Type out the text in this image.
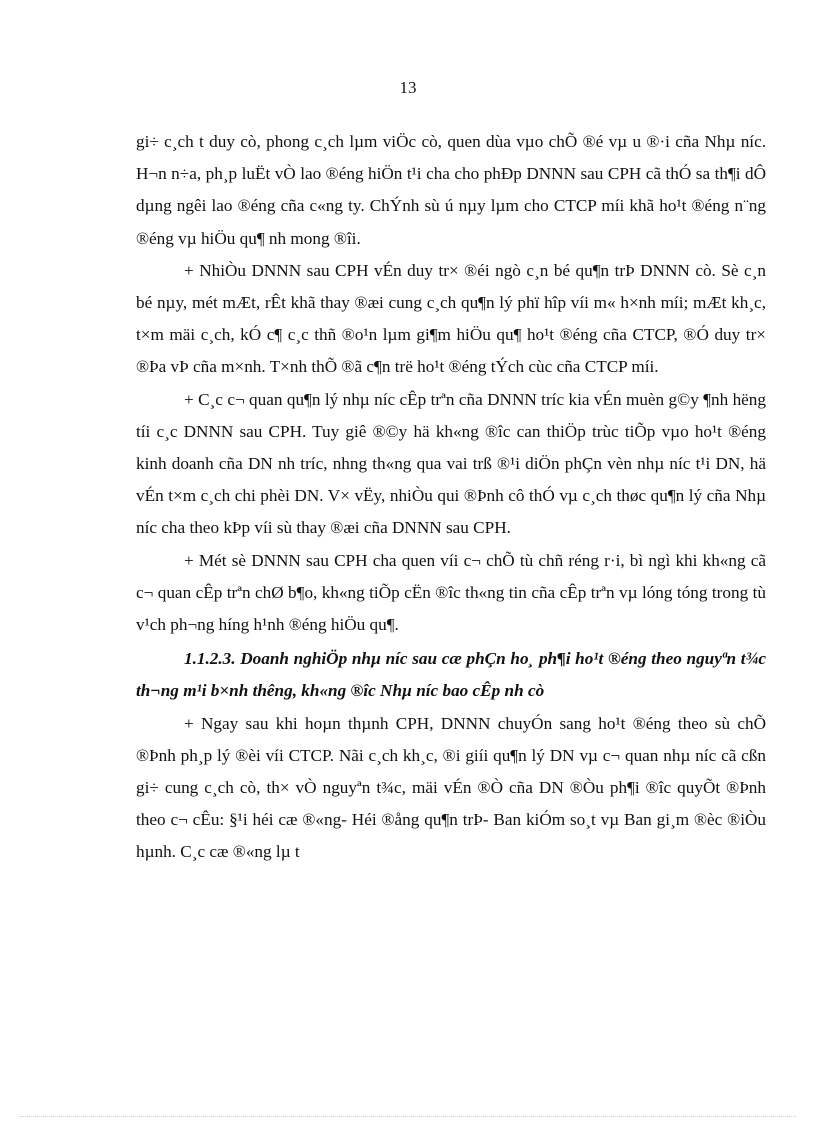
13

gi÷ c¸ch t duy cò, phong c¸ch lµm viÖc cò, quen dùa vµo chÕ ®é vµ u ®·i cña Nhµ níc. H¬n n÷a, ph¸p luËt vÒ lao ®éng hiÖn t¹i cha cho phÐp DNNN sau CPH cã thÓ sa th¶i dÔ dµng ngêi lao ®éng cña c«ng ty. ChÝnh sù ú nµy lµm cho CTCP míi khã ho¹t ®éng n¨ng ®éng vµ hiÖu qu¶ nh mong ®îi.

+ NhiÒu DNNN sau CPH vÉn duy tr× ®éi ngò c¸n bé qu¶n trÞ DNNN cò. Sè c¸n bé nµy, mét mÆt, rÊt khã thay ®æi cung c¸ch qu¶n lý phï hîp víi m« h×nh míi; mÆt kh¸c, t×m mäi c¸ch, kÓ c¶ c¸c thñ ®o¹n lµm gi¶m hiÖu qu¶ ho¹t ®éng cña CTCP, ®Ó duy tr× ®Þa vÞ cña m×nh. T×nh thÕ ®ã c¶n trë ho¹t ®éng tÝch cùc cña CTCP míi.

+ C¸c c¬ quan qu¶n lý nhµ níc cÊp trªn cña DNNN tríc kia vÉn muèn g©y ¶nh hëng tíi c¸c DNNN sau CPH. Tuy giê ®©y hä kh«ng ®îc can thiÖp trùc tiÕp vµo ho¹t ®éng kinh doanh cña DN nh tríc, nhng th«ng qua vai trß ®¹i diÖn phÇn vèn nhµ níc t¹i DN, hä vÉn t×m c¸ch chi phèi DN. V× vËy, nhiÒu qui ®Þnh cô thÓ vµ c¸ch thøc qu¶n lý cña Nhµ níc cha theo kÞp víi sù thay ®æi cña DNNN sau CPH.

+ Mét sè DNNN sau CPH cha quen víi c¬ chÕ tù chñ réng r·i, bì ngì khi kh«ng cã c¬ quan cÊp trªn chØ b¶o, kh«ng tiÕp cËn ®îc th«ng tin cña cÊp trªn vµ lóng tóng trong tù v¹ch ph¬ng híng h¹nh ®éng hiÖu qu¶.

1.1.2.3. Doanh nghiÖp nhµ níc sau cæ phÇn ho¸ ph¶i ho¹t ®éng theo nguyªn t¾c th¬ng m¹i b×nh thêng, kh«ng ®îc Nhµ níc bao cÊp nh cò

+ Ngay sau khi hoµn thµnh CPH, DNNN chuyÓn sang ho¹t ®éng theo sù chÕ ®Þnh ph¸p lý ®èi víi CTCP. Nãi c¸ch kh¸c, ®i giíi qu¶n lý DN vµ c¬ quan nhµ níc cã cßn gi÷ cung c¸ch cò, th× vÒ nguyªn t¾c, mäi vÉn ®Ò cña DN ®Òu ph¶i ®îc quyÕt ®Þnh theo c¬ cÊu: §¹i héi cæ ®«ng- Héi ®ång qu¶n trÞ- Ban kiÓm so¸t vµ Ban gi¸m ®èc ®iÒu hµnh. C¸c cæ ®«ng lµ t
